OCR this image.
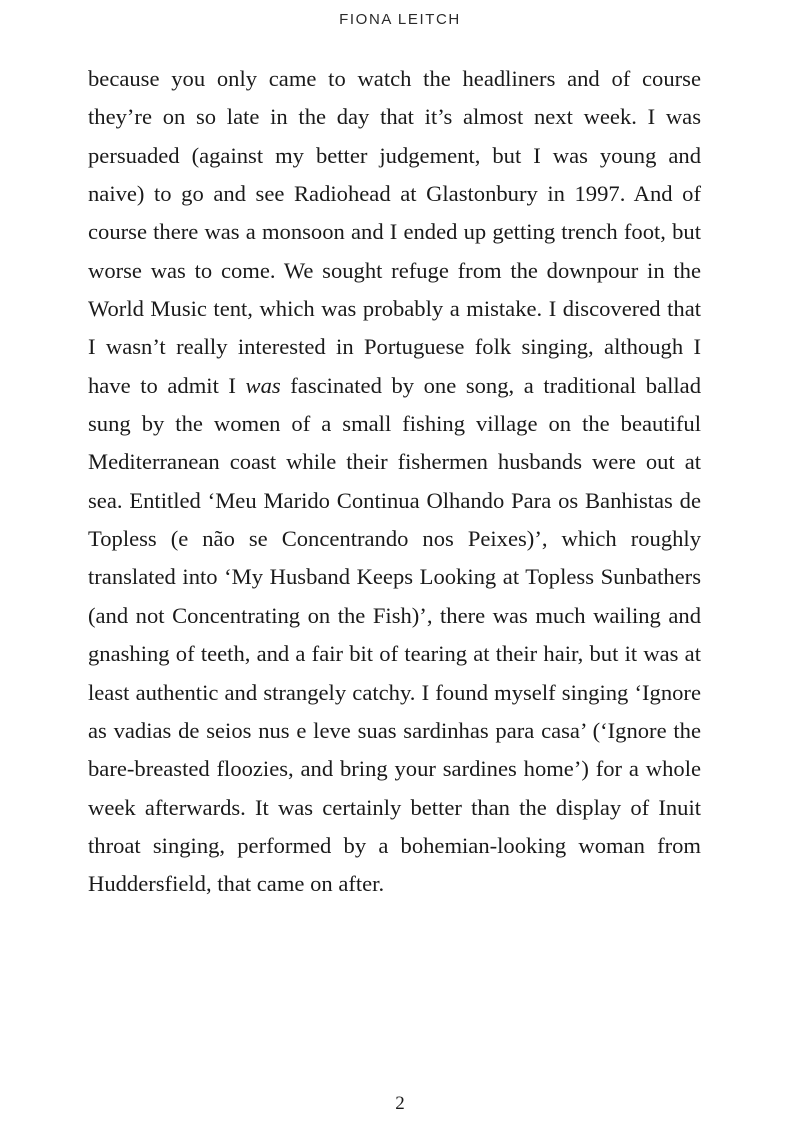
FIONA LEITCH

because you only came to watch the headliners and of course they’re on so late in the day that it’s almost next week. I was persuaded (against my better judgement, but I was young and naive) to go and see Radiohead at Glastonbury in 1997. And of course there was a monsoon and I ended up getting trench foot, but worse was to come. We sought refuge from the downpour in the World Music tent, which was probably a mistake. I discovered that I wasn’t really interested in Portuguese folk singing, although I have to admit I was fascinated by one song, a traditional ballad sung by the women of a small fishing village on the beautiful Mediterranean coast while their fishermen husbands were out at sea. Entitled ‘Meu Marido Continua Olhando Para os Banhistas de Topless (e não se Concentrando nos Peixes)’, which roughly translated into ‘My Husband Keeps Looking at Topless Sunbathers (and not Concentrating on the Fish)’, there was much wailing and gnashing of teeth, and a fair bit of tearing at their hair, but it was at least authentic and strangely catchy. I found myself singing ‘Ignore as vadias de seios nus e leve suas sardinhas para casa’ (‘Ignore the bare-breasted floozies, and bring your sardines home’) for a whole week afterwards. It was certainly better than the display of Inuit throat singing, performed by a bohemian-looking woman from Huddersfield, that came on after.

2
